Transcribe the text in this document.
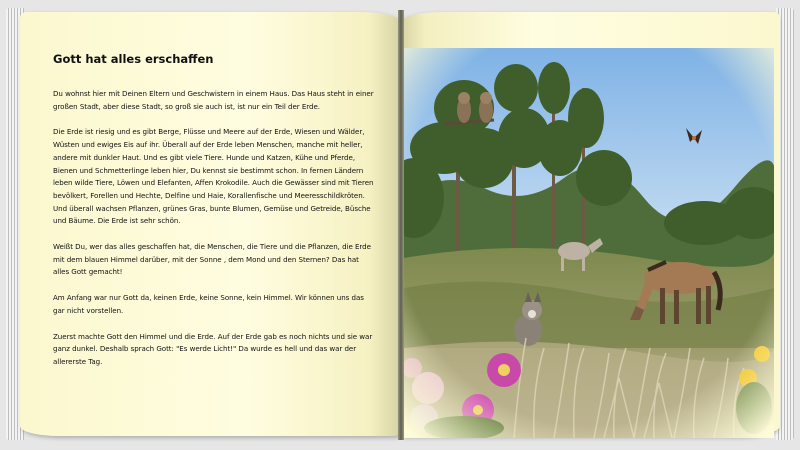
Gott hat alles erschaffen

Du wohnst hier mit Deinen Eltern und Geschwistern in einem Haus. Das Haus steht in einer großen Stadt, aber diese Stadt, so groß sie auch ist, ist nur ein Teil der Erde.

Die Erde ist riesig und es gibt Berge, Flüsse und Meere auf der Erde, Wiesen und Wälder, Wüsten und ewiges Eis auf ihr. Überall auf der Erde leben Menschen, manche mit heller, andere mit dunkler Haut. Und es gibt viele Tiere. Hunde und Katzen, Kühe und Pferde, Bienen und Schmetterlinge leben hier, Du kennst sie bestimmt schon. In fernen Ländern leben wilde Tiere, Löwen und Elefanten, Affen Krokodile. Auch die Gewässer sind mit Tieren bevölkert, Forellen und Hechte, Delfine und Haie, Korallenfische und Meeresschildkröten. Und überall wachsen Pflanzen, grünes Gras, bunte Blumen, Gemüse und Getreide, Büsche und Bäume. Die Erde ist sehr schön.

Weißt Du, wer das alles geschaffen hat, die Menschen, die Tiere und die Pflanzen, die Erde mit dem blauen Himmel darüber, mit der Sonne , dem Mond und den Sternen? Das hat alles Gott gemacht!

Am Anfang war nur Gott da, keinen Erde, keine Sonne, kein Himmel. Wir können uns das gar nicht vorstellen.

Zuerst machte Gott den Himmel und die Erde. Auf der Erde gab es noch nichts und sie war ganz dunkel. Deshalb sprach Gott: "Es werde Licht!" Da wurde es hell und das war der allererste Tag.
